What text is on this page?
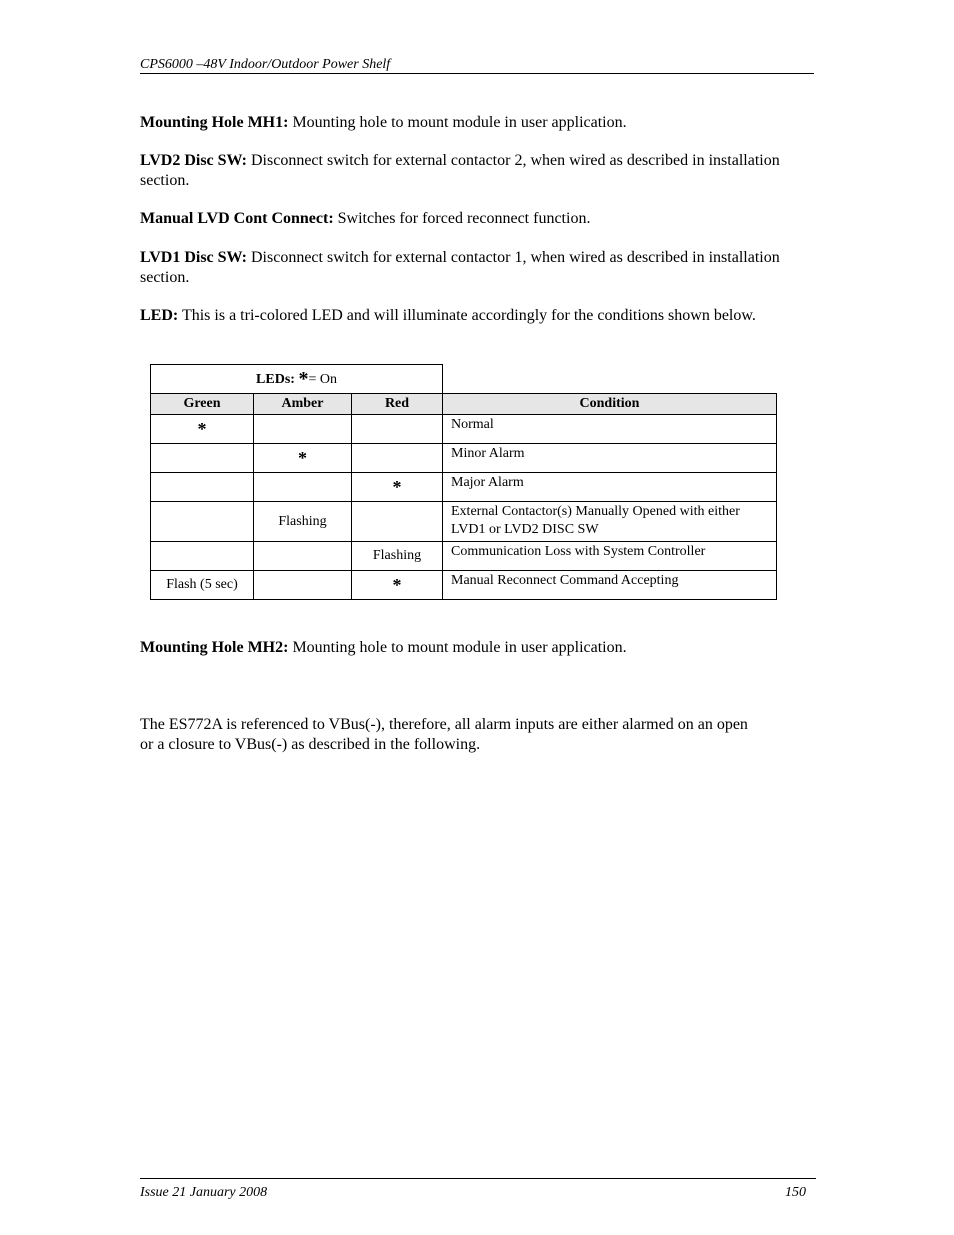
CPS6000 –48V Indoor/Outdoor Power Shelf
Mounting Hole MH1: Mounting hole to mount module in user application.
LVD2 Disc SW: Disconnect switch for external contactor 2, when wired as described in installation section.
Manual LVD Cont Connect: Switches for forced reconnect function.
LVD1 Disc SW: Disconnect switch for external contactor 1, when wired as described in installation section.
LED: This is a tri-colored LED and will illuminate accordingly for the conditions shown below.
LEDs: *= On			
Green	Amber	Red	Condition
*			Normal
	*		Minor Alarm
		*	Major Alarm
	Flashing		External Contactor(s) Manually Opened with either LVD1 or LVD2 DISC SW
		Flashing	Communication Loss with System Controller
Flash (5 sec)		*	Manual Reconnect Command Accepting
Mounting Hole MH2: Mounting hole to mount module in user application.
The ES772A is referenced to VBus(-), therefore, all alarm inputs are either alarmed on an open or a closure to VBus(-) as described in the following.
Issue 21 January 2008	150
